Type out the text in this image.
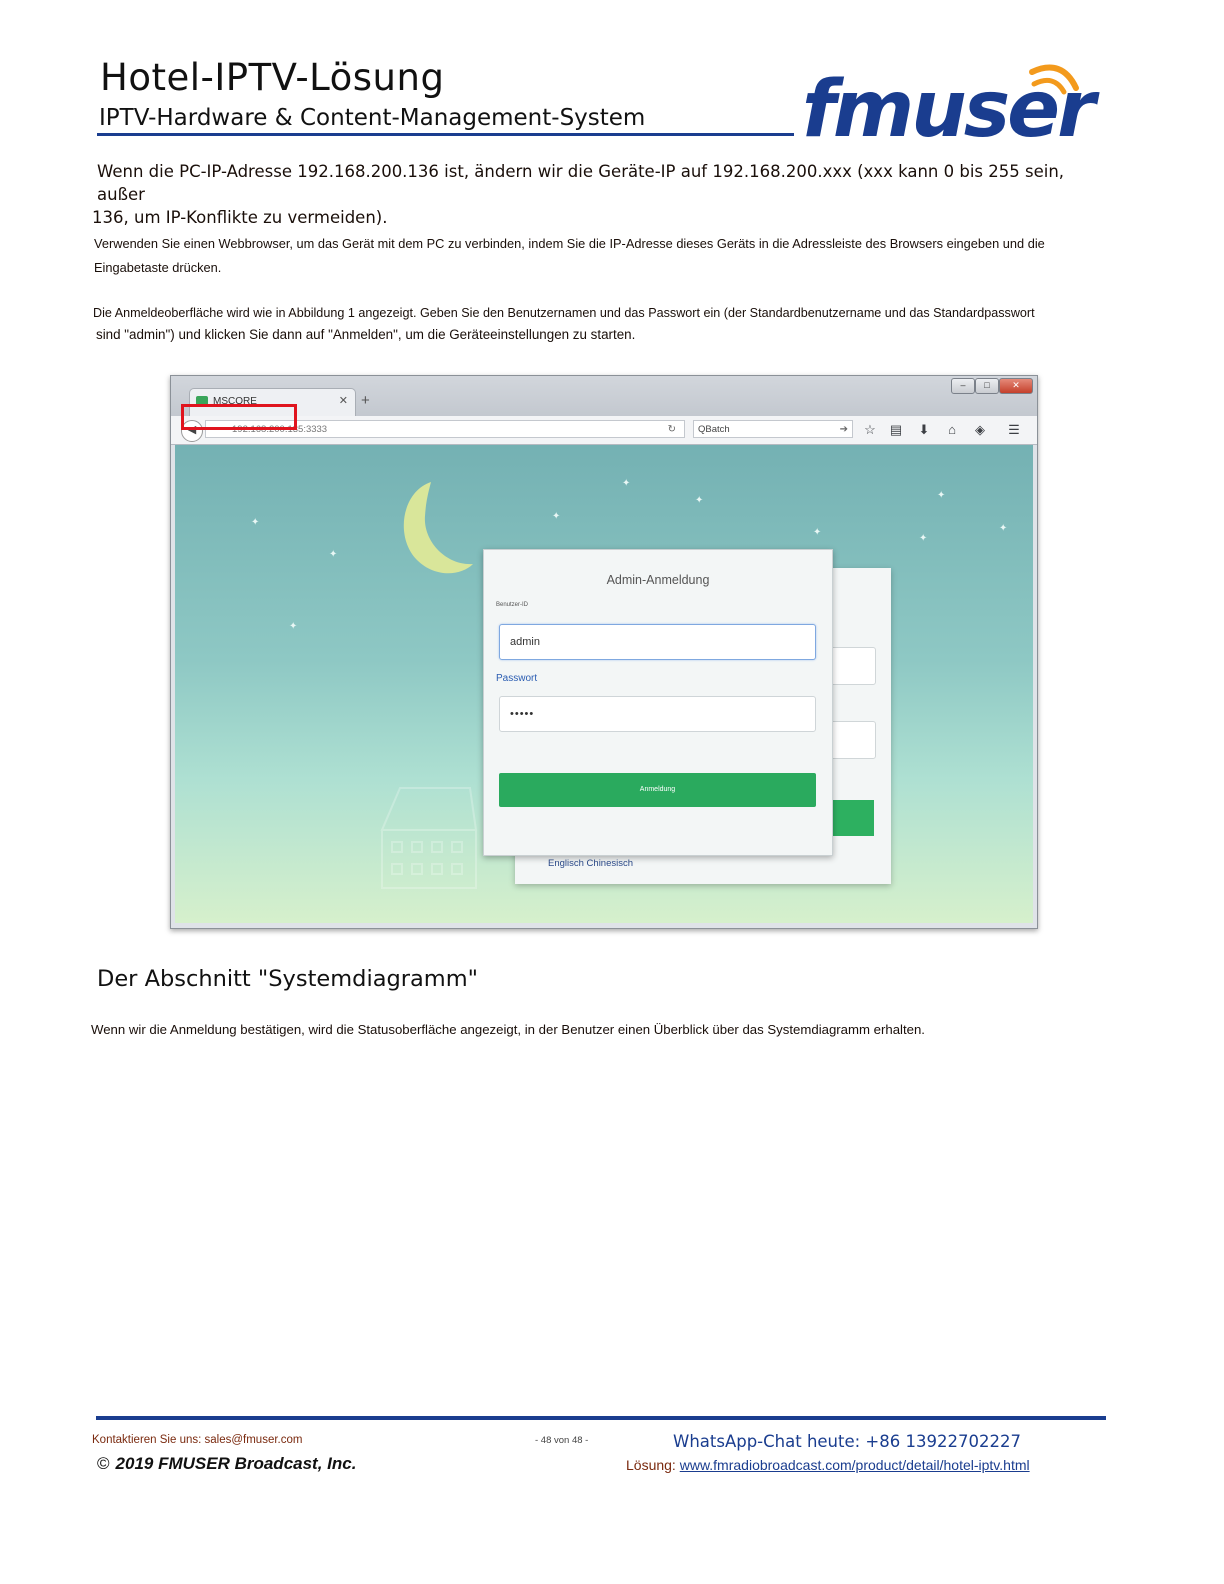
Hotel-IPTV-Lösung
IPTV-Hardware & Content-Management-System fmuser
Wenn die PC-IP-Adresse 192.168.200.136 ist, ändern wir die Geräte-IP auf 192.168.200.xxx (xxx kann 0 bis 255 sein, außer
136, um IP-Konflikte zu vermeiden).
Verwenden Sie einen Webbrowser, um das Gerät mit dem PC zu verbinden, indem Sie die IP-Adresse dieses Geräts in die Adressleiste des Browsers eingeben und die Eingabetaste drücken.
Die Anmeldeoberfläche wird wie in Abbildung 1 angezeigt. Geben Sie den Benutzernamen und das Passwort ein (der Standardbenutzername und das Standardpasswort
sind "admin") und klicken Sie dann auf "Anmelden", um die Geräteeinstellungen zu starten.
MSCORE	✕ +
–	□	✕
◀	192.168.200.135:3333	↻	QBatch	➔ ☆ ▤ ⬇	⌂	◈	☰
✦
✦
✦
✦
✦
✦
✦
✦
✦
✦
Englisch Chinesisch
Admin-Anmeldung
Benutzer-ID
admin
Passwort
•••••
Anmeldung
Der Abschnitt "Systemdiagramm"
Wenn wir die Anmeldung bestätigen, wird die Statusoberfläche angezeigt, in der Benutzer einen Überblick über das Systemdiagramm erhalten.
Kontaktieren Sie uns: sales@fmuser.com	- 48 von 48 -	WhatsApp-Chat heute: +86 13922702227
© 2019 FMUSER Broadcast, Inc.	Lösung: www.fmradiobroadcast.com/product/detail/hotel-iptv.html
